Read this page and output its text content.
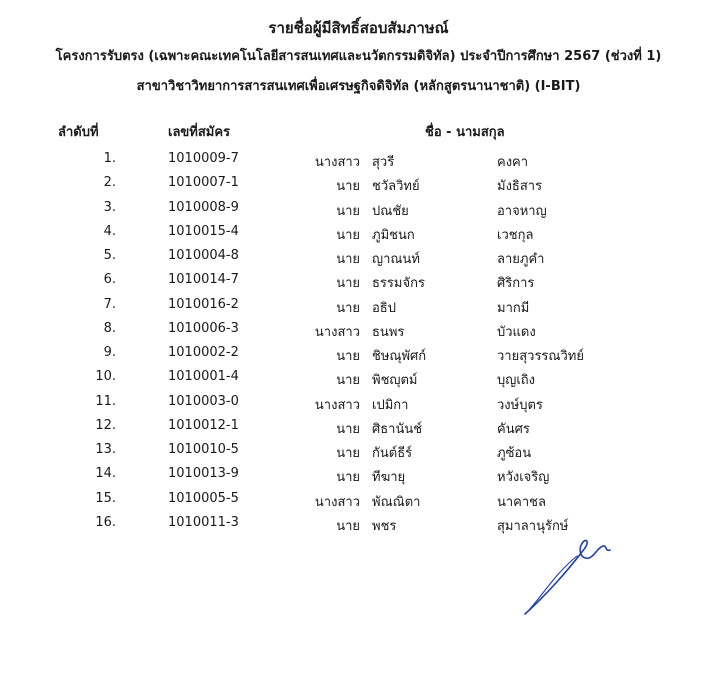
รายชื่อผู้มีสิทธิ์สอบสัมภาษณ์
โครงการรับตรง (เฉพาะคณะเทคโนโลยีสารสนเทศและนวัตกรรมดิจิทัล) ประจำปีการศึกษา 2567 (ช่วงที่ 1)
สาขาวิชาวิทยาการสารสนเทศเพื่อเศรษฐกิจดิจิทัล (หลักสูตรนานาชาติ) (I-BIT)
ลำดับที่	เลขที่สมัคร	ชื่อ - นามสกุล
1.	1010009-7	นางสาว สุวรี	คงคา
2.	1010007-1	นาย ชวัลวิทย์	มังธิสาร
3.	1010008-9	นาย ปณชัย	อาจหาญ
4.	1010015-4	นาย ภูมิชนก	เวชกุล
5.	1010004-8	นาย ญาณนท์	ลายภูคำ
6.	1010014-7	นาย ธรรมจักร	ศิริการ
7.	1010016-2	นาย อธิป	มากมี
8.	1010006-3	นางสาว ธนพร	บัวแดง
9.	1010002-2	นาย ชิษณุพัศก์	วายสุวรรณวิทย์
10.	1010001-4	นาย พิชญุตม์	บุญเถิง
11.	1010003-0	นางสาว เปมิกา	วงษ์บุตร
12.	1010012-1	นาย ศิธานันช์	คันศร
13.	1010010-5	นาย กันต์ธีร์	ภูซ้อน
14.	1010013-9	นาย ทีฆายุ	หวังเจริญ
15.	1010005-5	นางสาว พัณณิตา	นาคาชล
16.	1010011-3	นาย พชร	สุมาลานุรักษ์
